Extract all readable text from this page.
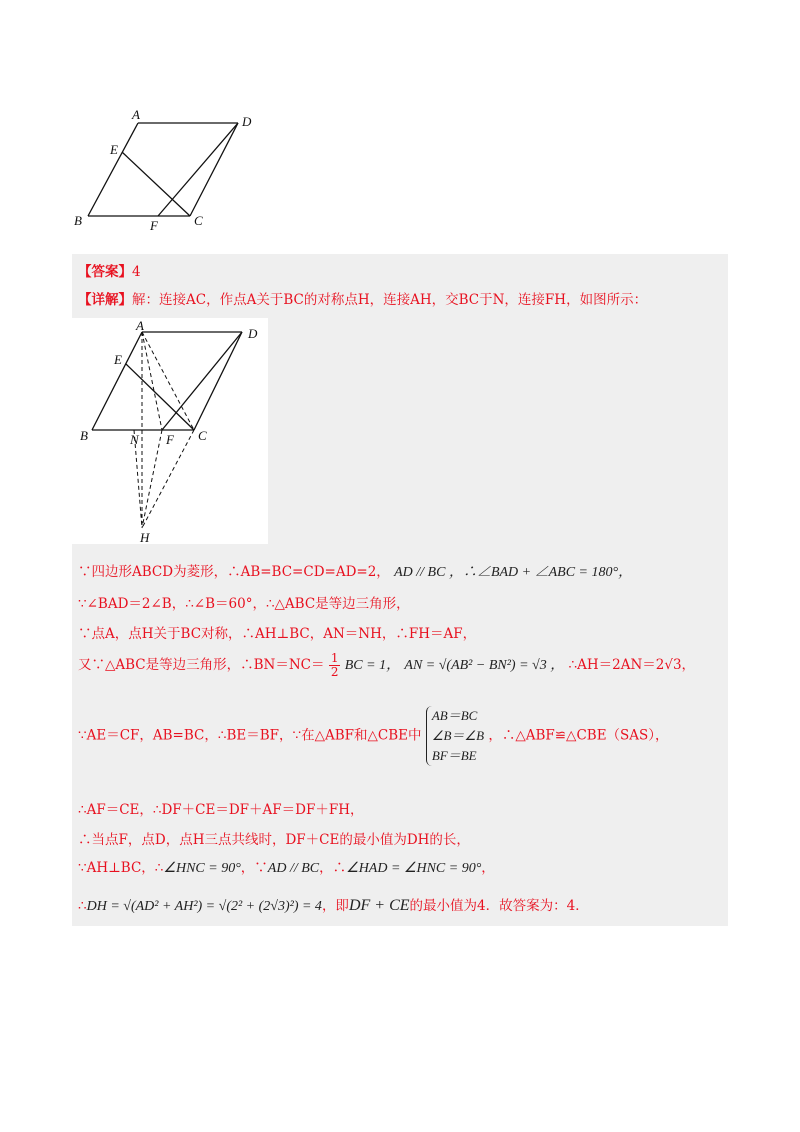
A	D
E
B	F	C
【答案】4
【详解】解：连接AC，作点A关于BC的对称点H，连接AH，交BC于N，连接FH，如图所示：
A
D
E
B	N F C
H
∵四边形ABCD为菱形，∴AB=BC=CD=AD=2， AD // BC ，∴∠BAD + ∠ABC = 180°，
∵∠BAD＝2∠B，∴∠B＝60°，∴△ABC是等边三角形，
∵点A，点H关于BC对称，∴AH⊥BC，AN＝NH，∴FH＝AF，
又∵△ABC是等边三角形，∴BN＝NC＝ $\frac{1}{2}$ BC = 1， AN = √(AB² − BN²) = √3 ， ∴AH＝2AN＝2√3，
∵AE＝CF，AB=BC，∴BE＝BF，∵在△ABF和△CBE中
AB＝BC
∠B＝∠B
BF＝BE
，∴△ABF≌△CBE（SAS），
∴AF＝CE，∴DF＋CE＝DF＋AF＝DF＋FH，
∴当点F，点D，点H三点共线时，DF＋CE的最小值为DH的长，
∵AH⊥BC，∴∠HNC = 90°，∵AD // BC，∴∠HAD = ∠HNC = 90°，
∴DH = √(AD² + AH²) = √(2² + (2√3)²) = 4，即DF + CE的最小值为4．故答案为：4．
